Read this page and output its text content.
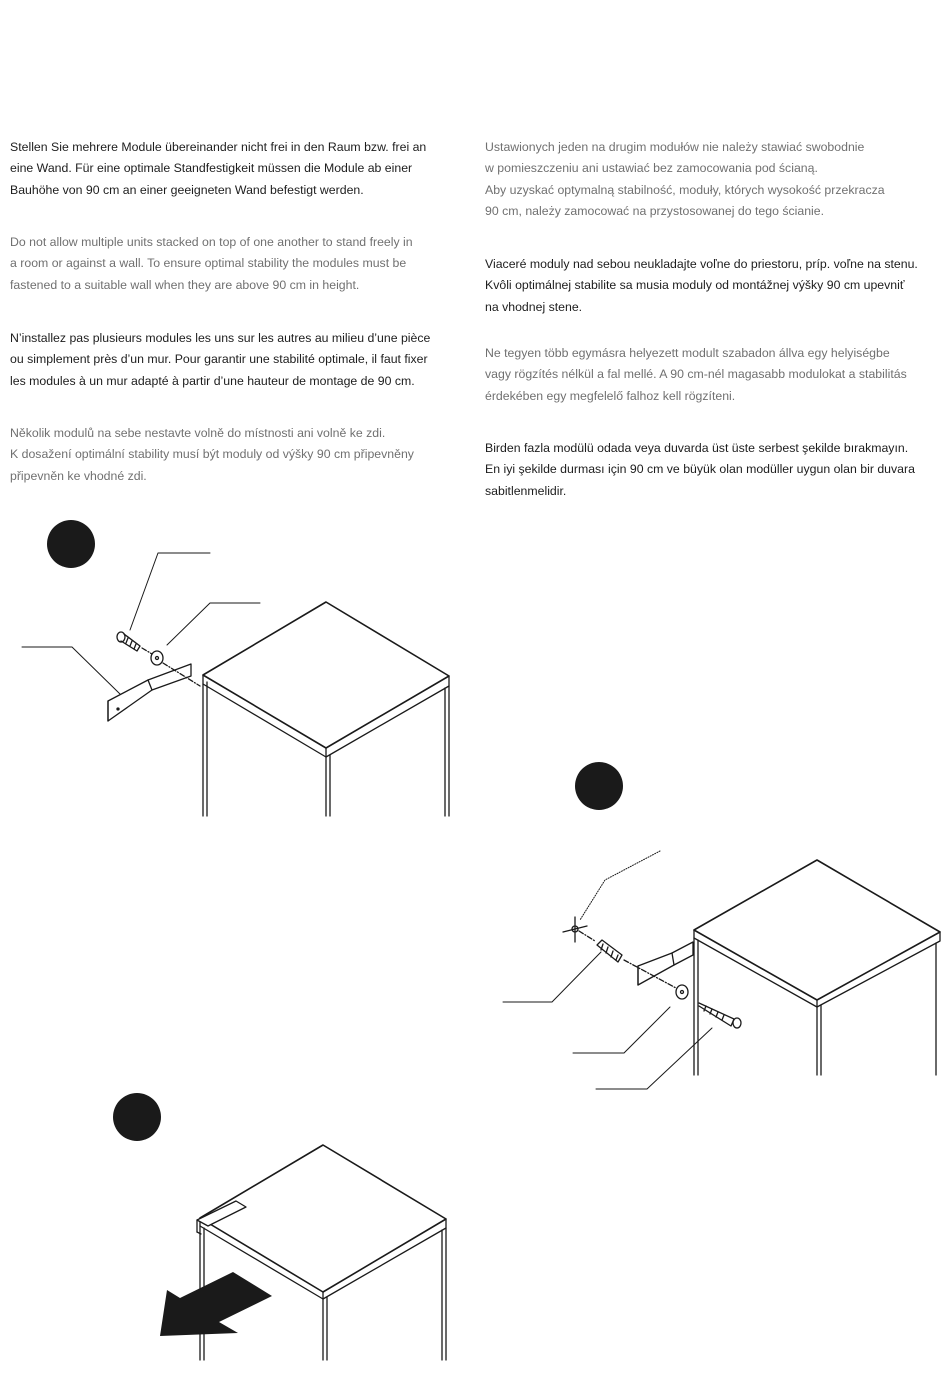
Stellen Sie mehrere Module übereinander nicht frei in den Raum bzw. frei an
eine Wand. Für eine optimale Standfestigkeit müssen die Module ab einer
Bauhöhe von 90 cm an einer geeigneten Wand befestigt werden.
Do not allow multiple units stacked on top of one another to stand freely in
a room or against a wall. To ensure optimal stability the modules must be
fastened to a suitable wall when they are above 90 cm in height.
N’installez pas plusieurs modules les uns sur les autres au milieu d’une pièce
ou simplement près d’un mur. Pour garantir une stabilité optimale, il faut fixer
les modules à un mur adapté à partir d’une hauteur de montage de 90 cm.
Několik modulů na sebe nestavte volně do místnosti ani volně ke zdi.
K dosažení optimální stability musí být moduly od výšky 90 cm připevněny
připevněn ke vhodné zdi.
Ustawionych jeden na drugim modułów nie należy stawiać swobodnie
w pomieszczeniu ani ustawiać bez zamocowania pod ścianą.
Aby uzyskać optymalną stabilność, moduły, których wysokość przekracza
90 cm, należy zamocować na przystosowanej do tego ścianie.
Viaceré moduly nad sebou neukladajte voľne do priestoru, príp. voľne na stenu.
Kvôli optimálnej stabilite sa musia moduly od montážnej výšky 90 cm upevniť
na vhodnej stene.
Ne tegyen több egymásra helyezett modult szabadon állva egy helyiségbe
vagy rögzítés nélkül a fal mellé. A 90 cm-nél magasabb modulokat a stabilitás
érdekében egy megfelelő falhoz kell rögzíteni.
Birden fazla modülü odada veya duvarda üst üste serbest şekilde bırakmayın.
En iyi şekilde durması için 90 cm ve büyük olan modüller uygun olan bir duvara
sabitlenmelidir.
